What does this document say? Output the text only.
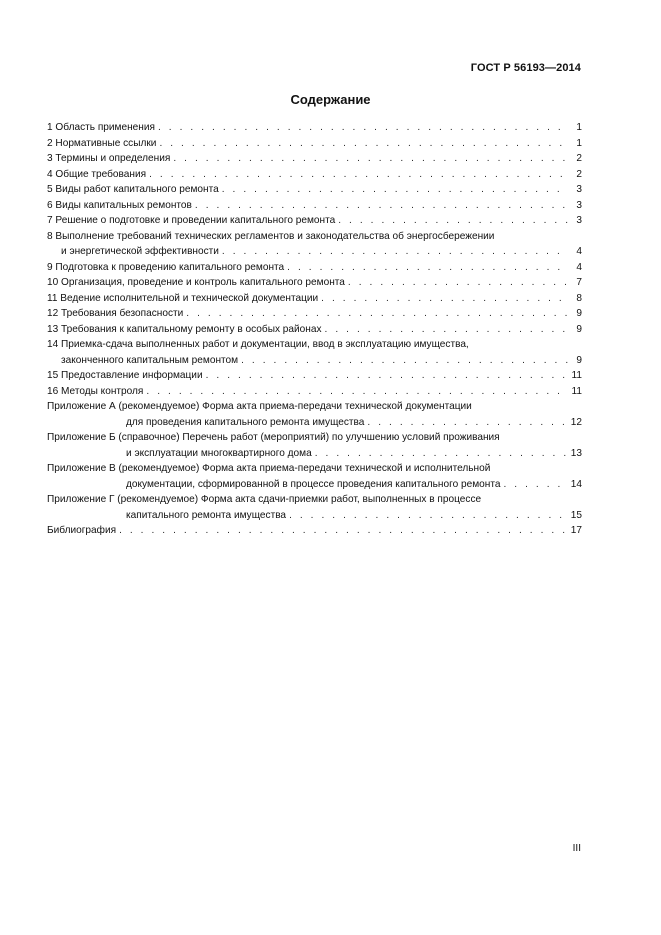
ГОСТ Р 56193—2014
Содержание
1 Область применения . . .	1
2 Нормативные ссылки . . .	1
3 Термины и определения . . .	2
4 Общие требования . . .	2
5 Виды работ капитального ремонта . . .	3
6 Виды капитальных ремонтов . . .	3
7 Решение о подготовке и проведении капитального ремонта . . .	3
8 Выполнение требований технических регламентов и законодательства об энергосбережении
и энергетической эффективности . . .	4
9 Подготовка к проведению капитального ремонта . . .	4
10 Организация, проведение и контроль капитального ремонта . . .	7
11 Ведение исполнительной и технической документации . . .	8
12 Требования безопасности . . .	9
13 Требования к капитальному ремонту в особых районах . . .	9
14 Приемка-сдача выполненных работ и документации, ввод в эксплуатацию имущества,
законченного капитальным ремонтом . . .	9
15 Предоставление информации . . .	11
16 Методы контроля . . .	11
Приложение А (рекомендуемое) Форма акта приема-передачи технической документации
для проведения капитального ремонта имущества . . .	12
Приложение Б (справочное) Перечень работ (мероприятий) по улучшению условий проживания
и эксплуатации многоквартирного дома . . .	13
Приложение В (рекомендуемое) Форма акта приема-передачи технической и исполнительной
документации, сформированной в процессе проведения капитального ремонта . . .	14
Приложение Г (рекомендуемое) Форма акта сдачи-приемки работ, выполненных в процессе
капитального ремонта имущества . . .	15
Библиография . . .	17
III
